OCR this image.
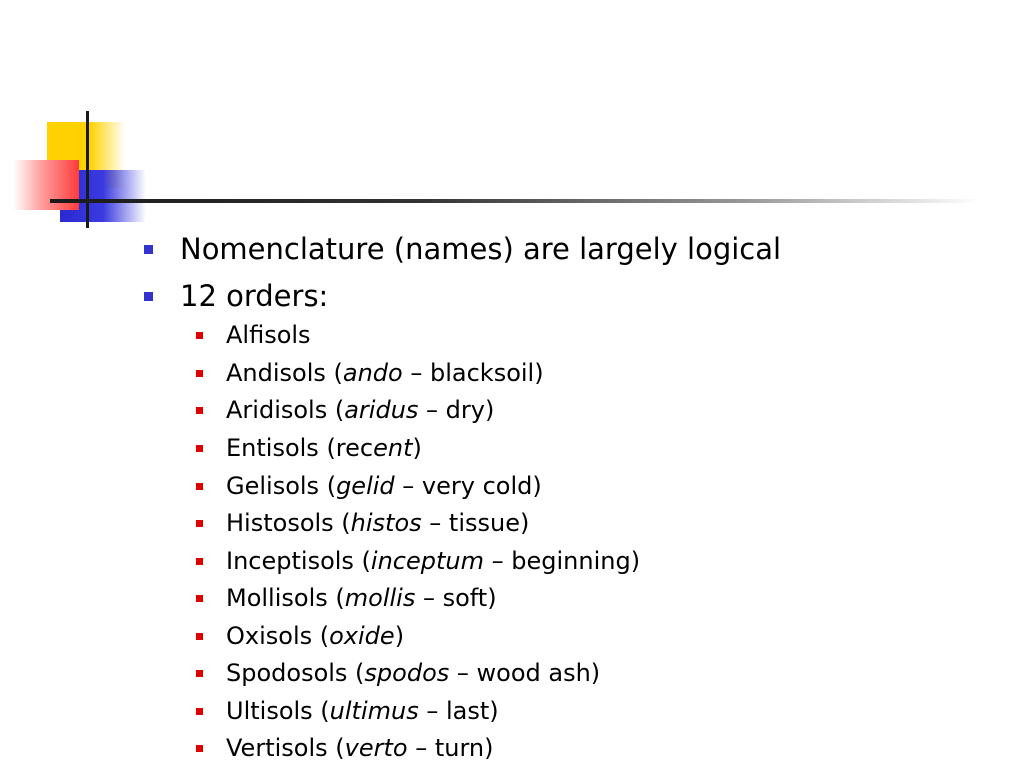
Nomenclature (names) are largely logical
12 orders:
Alfisols
Andisols (ando – blacksoil)
Aridisols (aridus – dry)
Entisols (recent)
Gelisols (gelid – very cold)
Histosols (histos – tissue)
Inceptisols (inceptum – beginning)
Mollisols (mollis – soft)
Oxisols (oxide)
Spodosols (spodos – wood ash)
Ultisols (ultimus – last)
Vertisols (verto – turn)
